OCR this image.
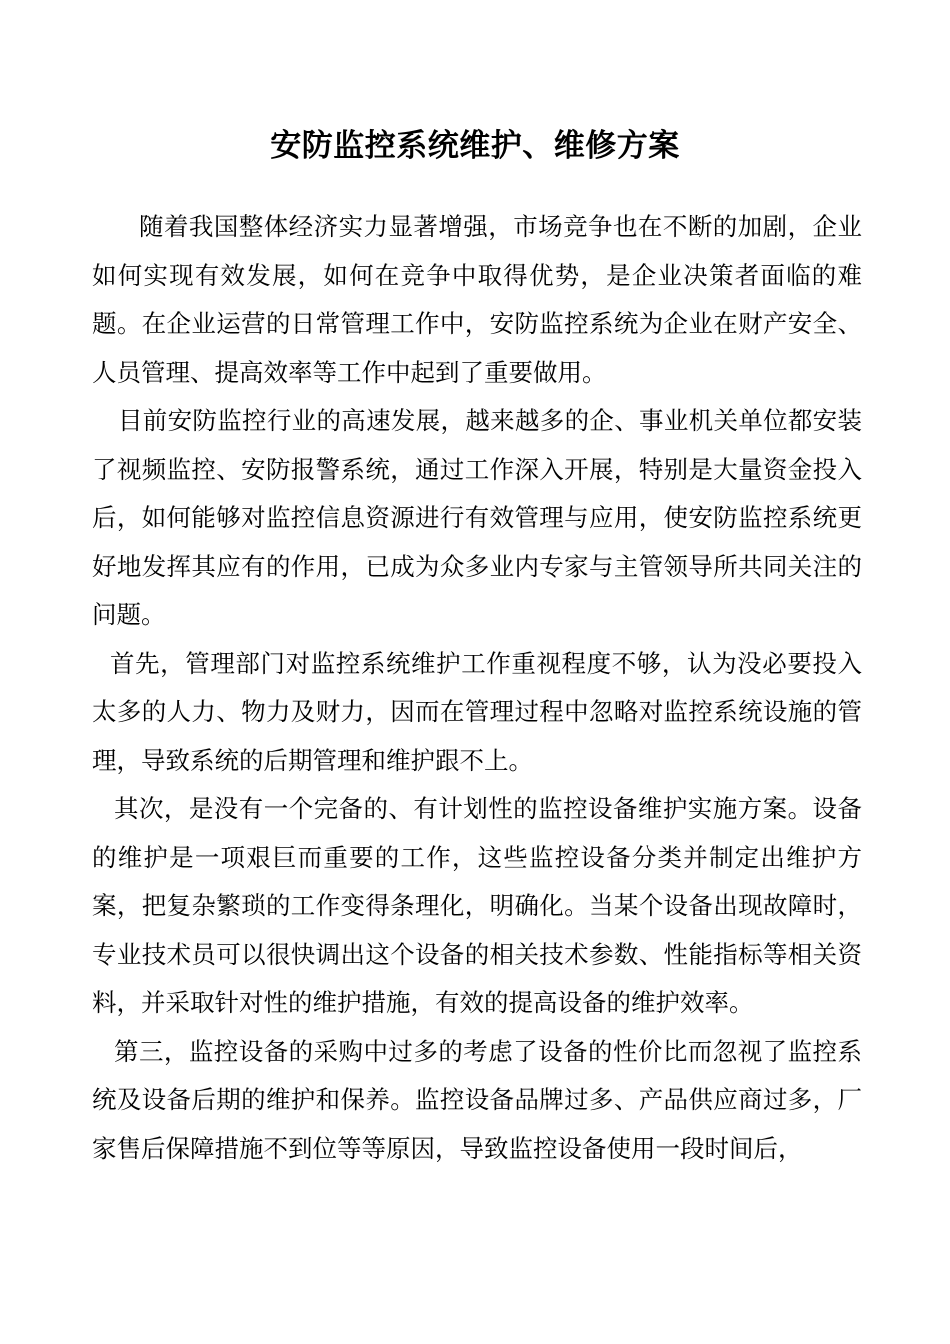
安防监控系统维护、维修方案

随着我国整体经济实力显著增强，市场竞争也在不断的加剧，企业如何实现有效发展，如何在竞争中取得优势，是企业决策者面临的难题。在企业运营的日常管理工作中，安防监控系统为企业在财产安全、人员管理、提高效率等工作中起到了重要做用。

目前安防监控行业的高速发展，越来越多的企、事业机关单位都安装了视频监控、安防报警系统，通过工作深入开展，特别是大量资金投入后，如何能够对监控信息资源进行有效管理与应用，使安防监控系统更好地发挥其应有的作用，已成为众多业内专家与主管领导所共同关注的问题。

首先，管理部门对监控系统维护工作重视程度不够，认为没必要投入太多的人力、物力及财力，因而在管理过程中忽略对监控系统设施的管理，导致系统的后期管理和维护跟不上。

其次，是没有一个完备的、有计划性的监控设备维护实施方案。设备的维护是一项艰巨而重要的工作，这些监控设备分类并制定出维护方案，把复杂繁琐的工作变得条理化，明确化。当某个设备出现故障时，专业技术员可以很快调出这个设备的相关技术参数、性能指标等相关资料，并采取针对性的维护措施，有效的提高设备的维护效率。

第三，监控设备的采购中过多的考虑了设备的性价比而忽视了监控系统及设备后期的维护和保养。监控设备品牌过多、产品供应商过多，厂家售后保障措施不到位等等原因，导致监控设备使用一段时间后，
